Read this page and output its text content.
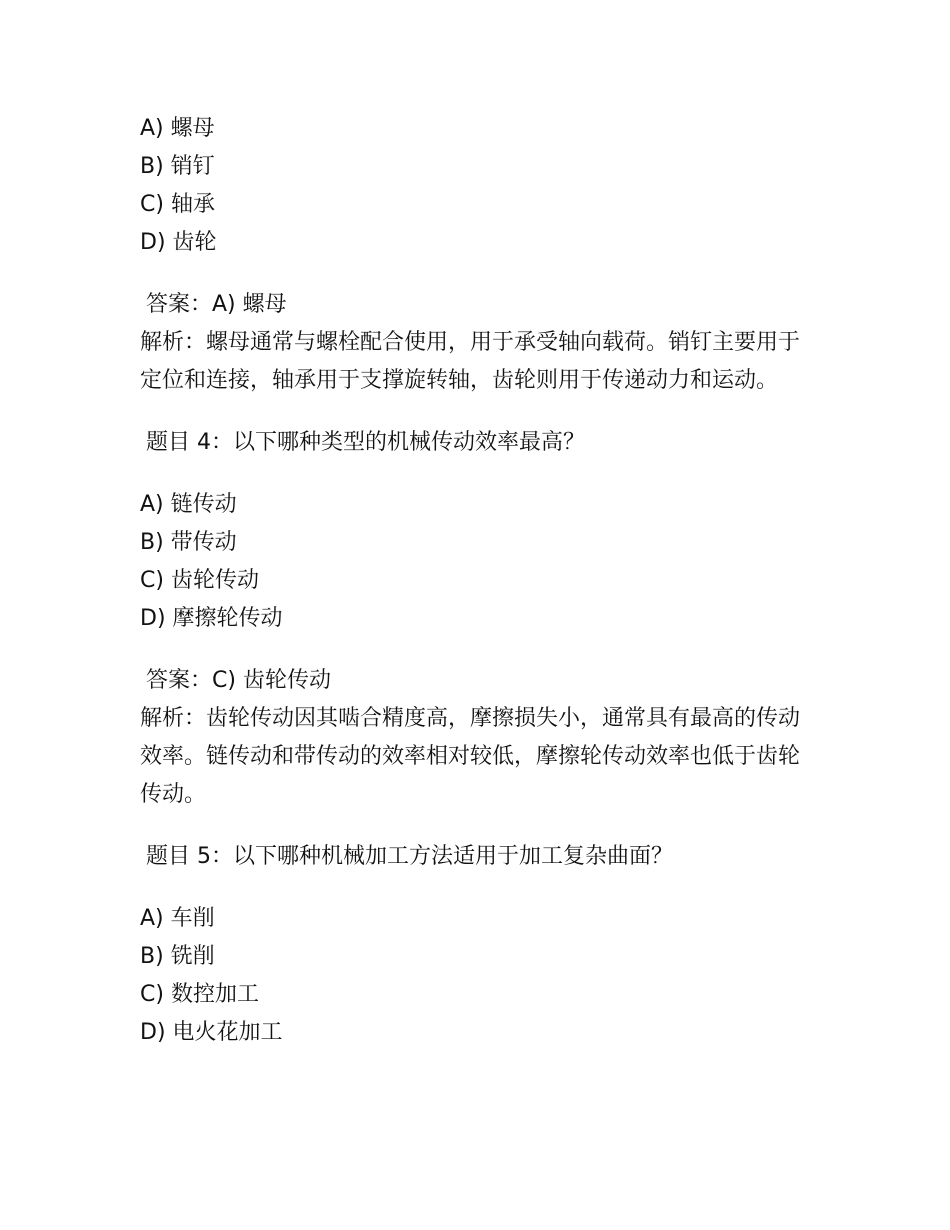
A) 螺母
B) 销钉
C) 轴承
D) 齿轮
答案：A) 螺母
解析：螺母通常与螺栓配合使用，用于承受轴向载荷。销钉主要用于定位和连接，轴承用于支撑旋转轴，齿轮则用于传递动力和运动。
题目 4：以下哪种类型的机械传动效率最高？
A) 链传动
B) 带传动
C) 齿轮传动
D) 摩擦轮传动
答案：C) 齿轮传动
解析：齿轮传动因其啮合精度高，摩擦损失小，通常具有最高的传动效率。链传动和带传动的效率相对较低，摩擦轮传动效率也低于齿轮传动。
题目 5：以下哪种机械加工方法适用于加工复杂曲面？
A) 车削
B) 铣削
C) 数控加工
D) 电火花加工
